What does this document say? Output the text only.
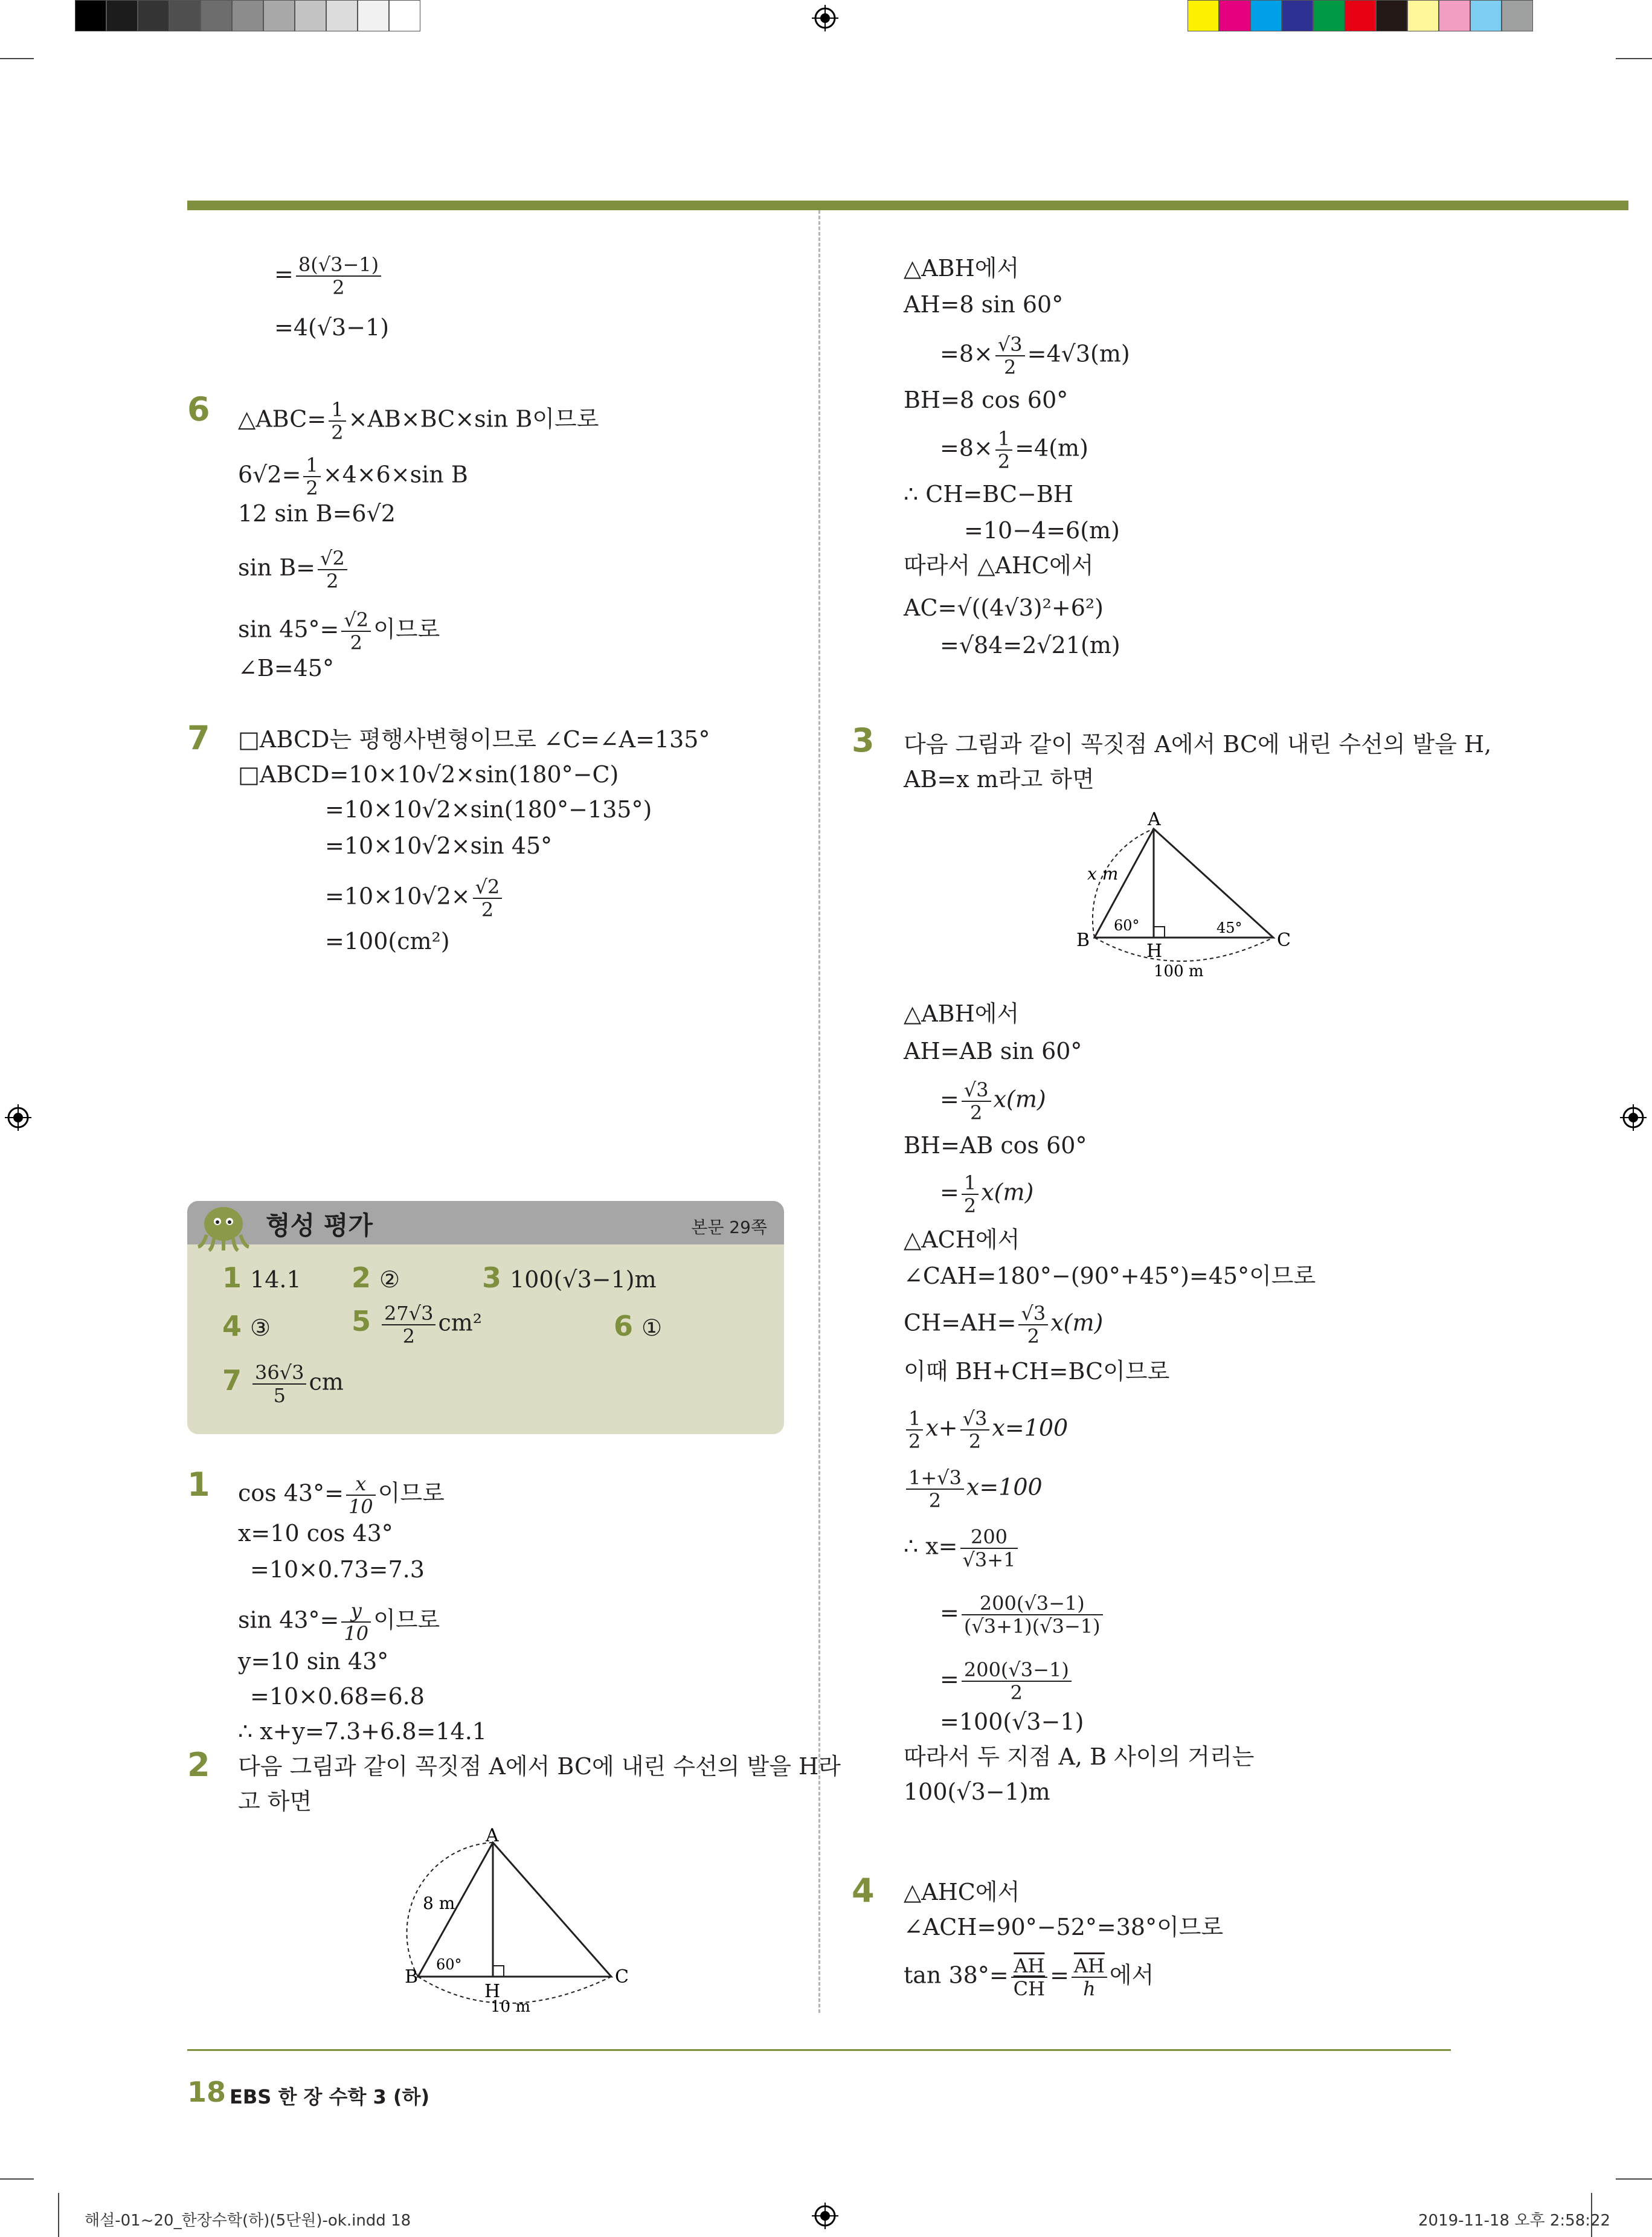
= $\frac{8(√3-1)}{2}$
=4(√3−1)
6 △ABC= $\frac{1}{2} \times AB\times BC\times\sin$ B이므로
$6√2= \frac{1}{2} \times 4\times 6\times\sin$ B
12 sin B=6√2
$\sin B= \frac{√2}{2}$
$\sin 45^\circ= \frac{√2}{2}$ 이므로
∠B=45°
7 □ABCD는 평행사변형이므로 ∠C=∠A=135°
□ABCD=10×10√2×sin(180°−C)
=10×10√2×sin(180°−135°)
=10×10√2×sin 45°
$=10\times 10√2\times \frac{√2}{2}$
=100(cm²)
형성 평가	본문 29쪽
1 14.1 2 ②	3 100(√3−1)m
4 ③	$5 \frac{27√3}{2} cm^2$	6 ①
$7 \frac{36√3}{5}$ cm
1 $\cos 43^\circ= \frac{x}{10}$ 이므로
x=10 cos 43°
=10×0.73=7.3
$\sin 43^\circ= \frac{y}{10}$ 이므로
y=10 sin 43°
=10×0.68=6.8
∴ x+y=7.3+6.8=14.1
2 다음 그림과 같이 꼭짓점 A에서 BC에 내린 수선의 발을 H라
고 하면
A
B	C
H
8 m
60°
10 m
△ABH에서
AH=8 sin 60°
$=8\times \frac{√3}{2} =4√3(m)$
BH=8 cos 60°
$=8\times \frac{1}{2} =4(m)$
∴ CH=BC−BH
=10−4=6(m)
따라서 △AHC에서
AC=√((4√3)²+6²)
=√84=2√21(m)
3 다음 그림과 같이 꼭짓점 A에서 BC에 내린 수선의 발을 H,
AB=x m라고 하면
A
B	C
H
x m
60°	45°
100 m
△ABH에서
AH=AB sin 60°
= $\frac{√3}{2} x(m)$
BH=AB cos 60°
= $\frac{1}{2} x(m)$
△ACH에서
∠CAH=180°−(90°+45°)=45°이므로
$CH=AH= \frac{√3}{2} x(m)$
이때 BH+CH=BC이므로
$\frac{1}{2} x+ \frac{√3}{2} x=100$
$\frac{1+√3}{2} x=100$
∴ $x= \frac{200}{√3+1}$
= $\frac{200(√3-1)}{(√3+1)(√3-1)}$
= $\frac{200(√3-1)}{2}$
=100(√3−1)
따라서 두 지점 A, B 사이의 거리는
100(√3−1)m
4 △AHC에서
∠ACH=90°−52°=38°이므로
$\tan 38^\circ= \frac{\overline{AH}}{CH} = \frac{\overline{AH}}{h}$ 에서
18 EBS 한 장 수학 3 (하)
해설-01~20_한장수학(하)(5단원)-ok.indd 18	2019-11-18 오후 2:58:22
